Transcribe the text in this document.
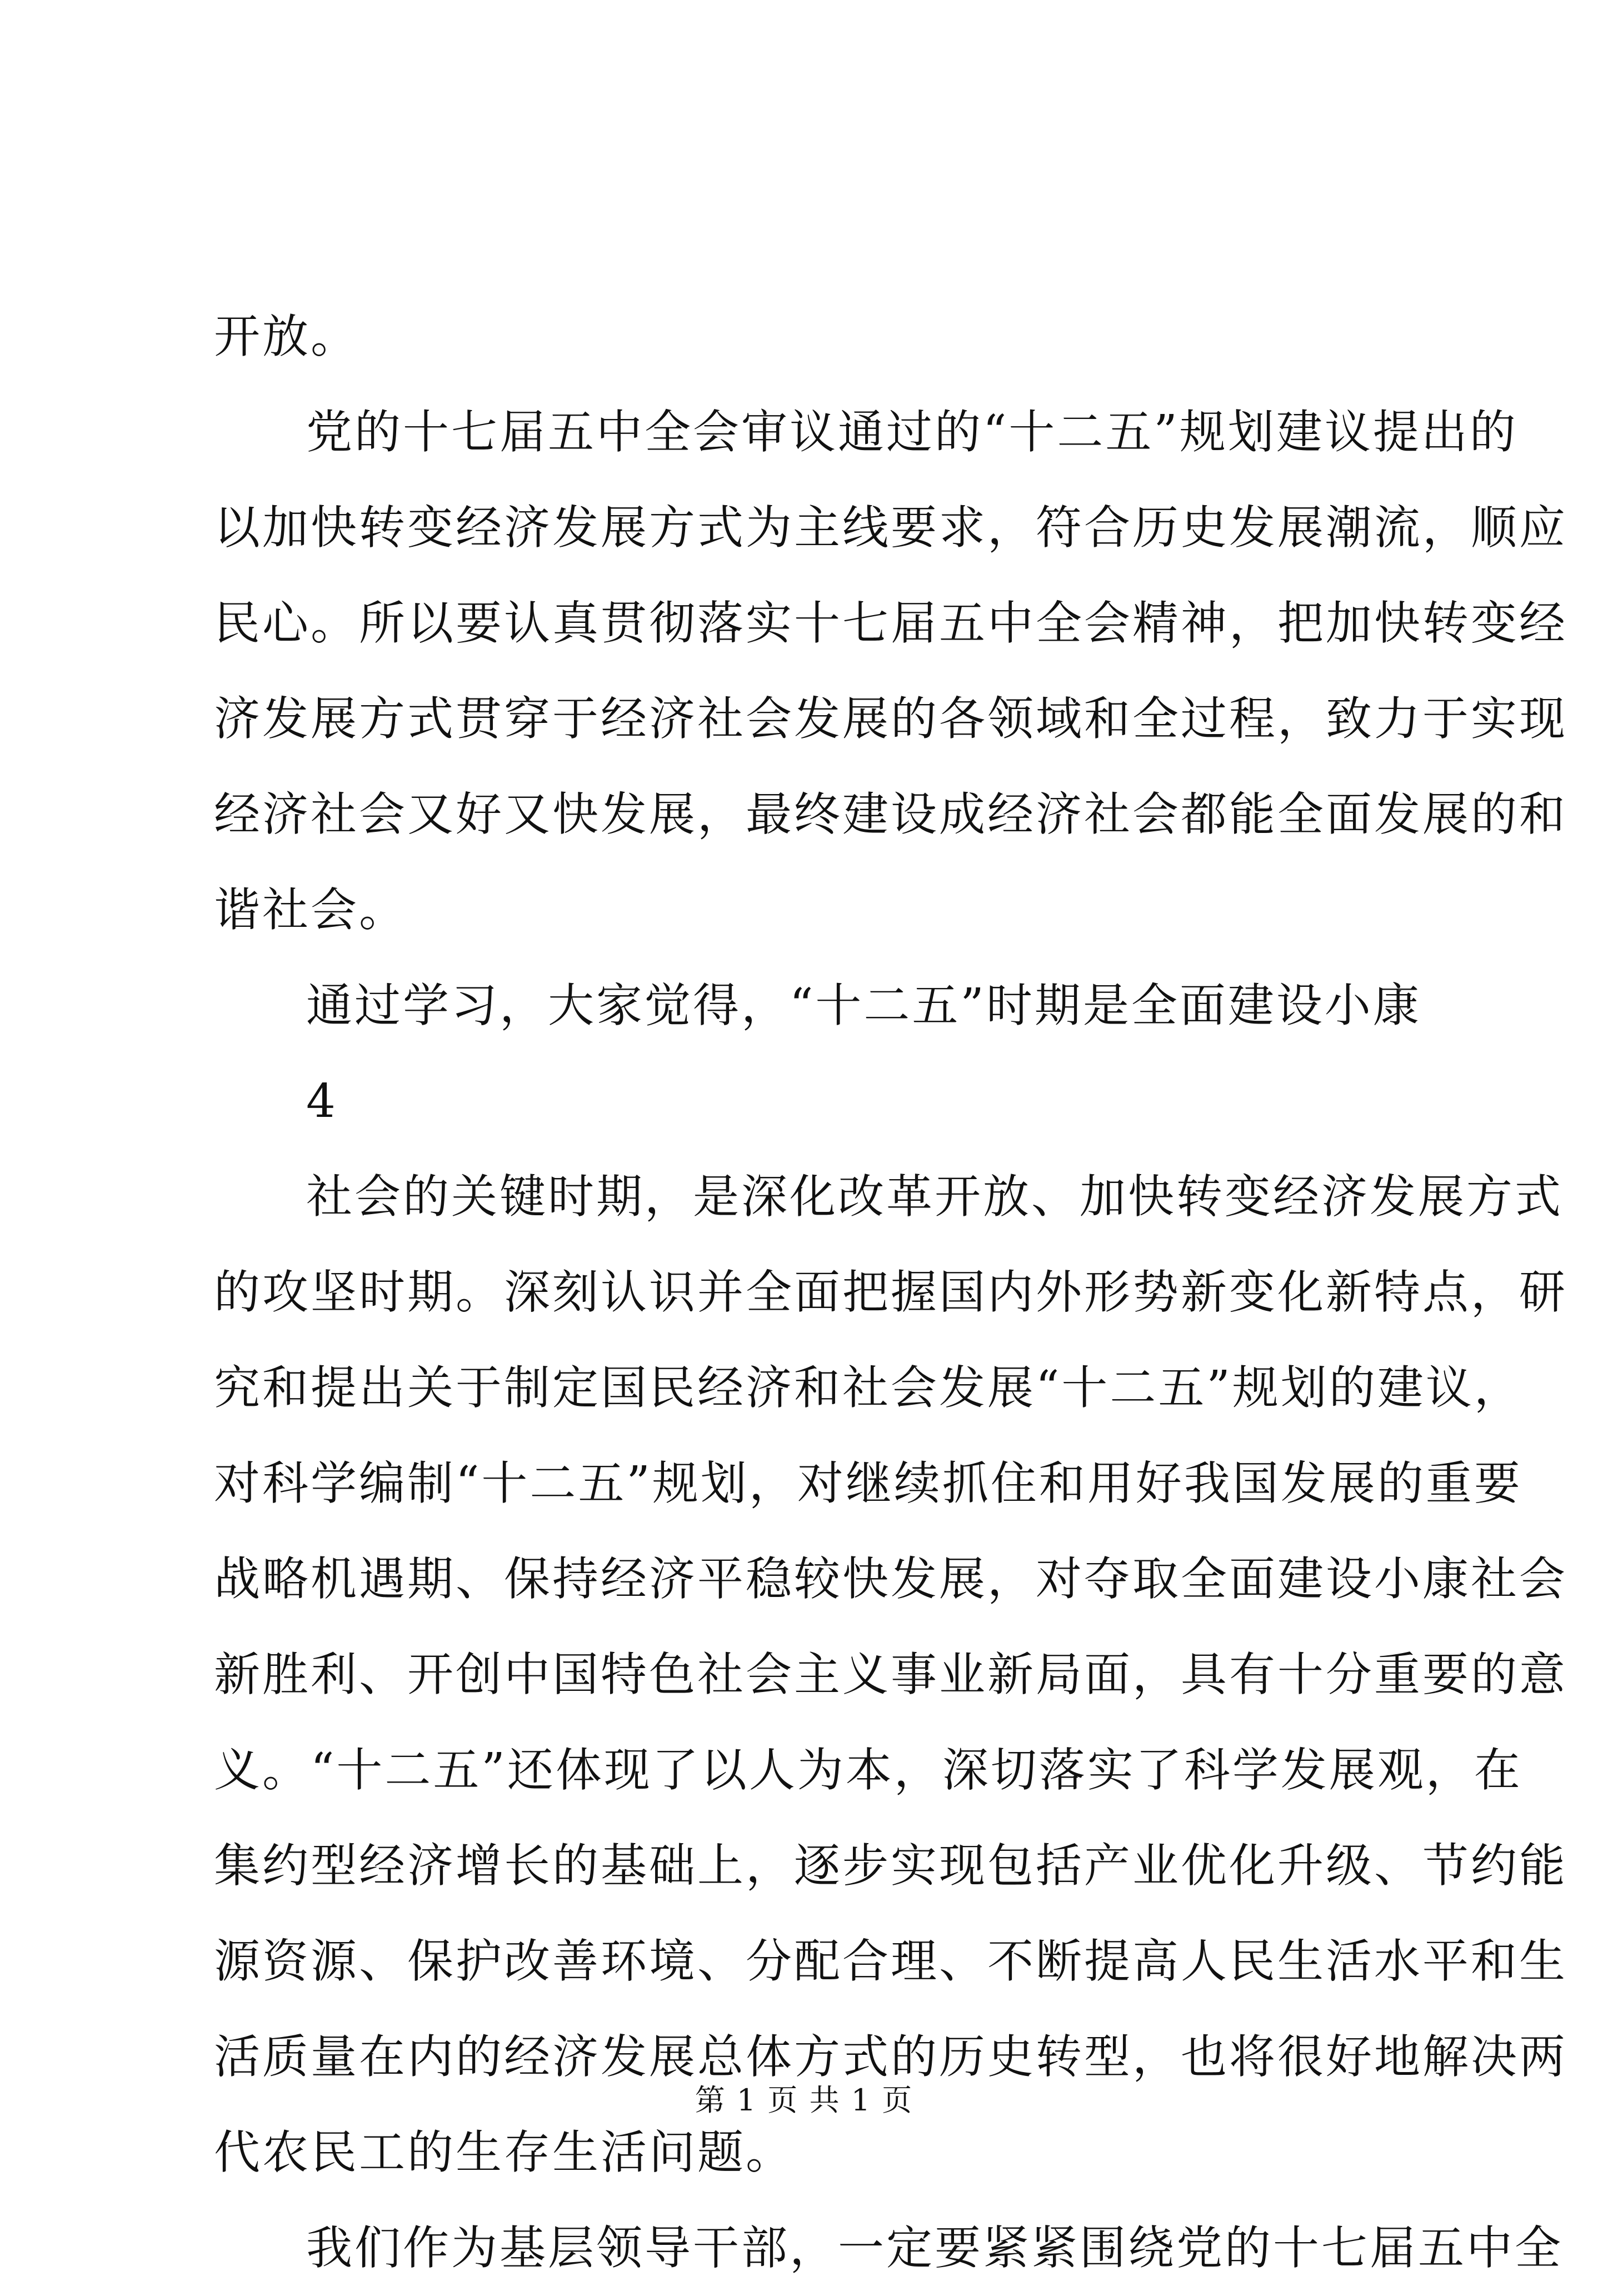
开放。
党的十七届五中全会审议通过的“十二五”规划建议提出的
以加快转变经济发展方式为主线要求，符合历史发展潮流，顺应
民心。所以要认真贯彻落实十七届五中全会精神，把加快转变经
济发展方式贯穿于经济社会发展的各领域和全过程，致力于实现
经济社会又好又快发展，最终建设成经济社会都能全面发展的和
谐社会。
通过学习，大家觉得，“十二五”时期是全面建设小康
4
社会的关键时期，是深化改革开放、加快转变经济发展方式
的攻坚时期。深刻认识并全面把握国内外形势新变化新特点，研
究和提出关于制定国民经济和社会发展“十二五”规划的建议，
对科学编制“十二五”规划，对继续抓住和用好我国发展的重要
战略机遇期、保持经济平稳较快发展，对夺取全面建设小康社会
新胜利、开创中国特色社会主义事业新局面，具有十分重要的意
义。“十二五”还体现了以人为本，深切落实了科学发展观，在
集约型经济增长的基础上，逐步实现包括产业优化升级、节约能
源资源、保护改善环境、分配合理、不断提高人民生活水平和生
活质量在内的经济发展总体方式的历史转型，也将很好地解决两
代农民工的生存生活问题。
我们作为基层领导干部，一定要紧紧围绕党的十七届五中全
第 1 页 共 1 页
